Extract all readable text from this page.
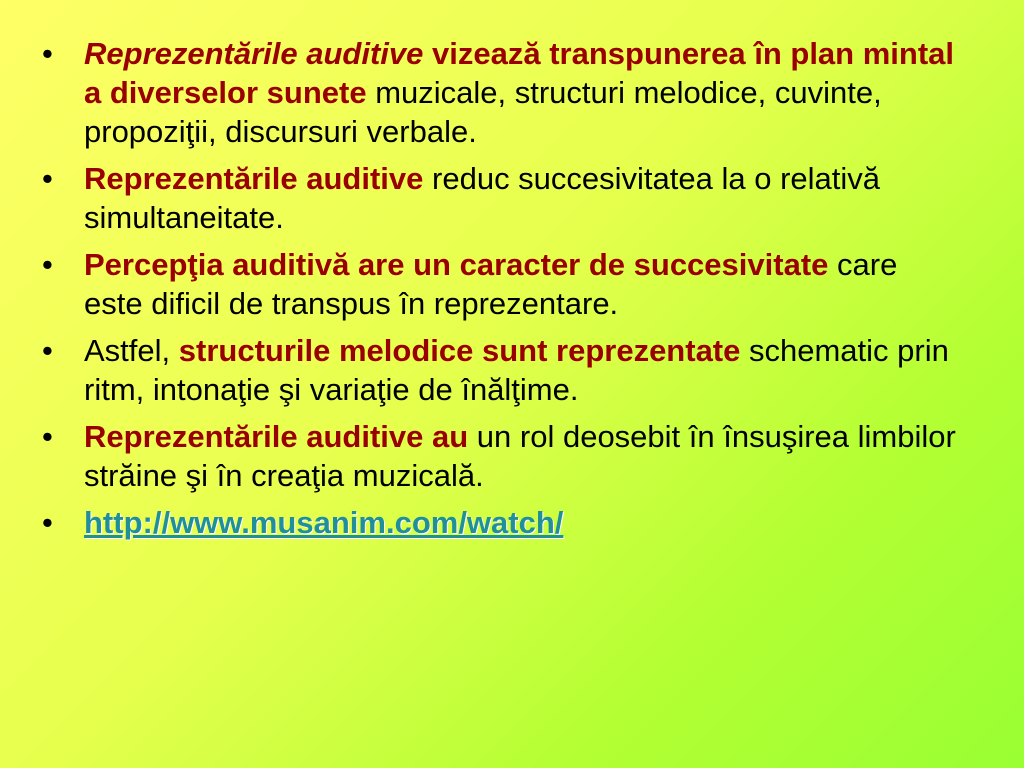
• Reprezentările auditive vizează transpunerea în plan mintal a diverselor sunete muzicale, structuri melodice, cuvinte, propoziţii, discursuri verbale.
• Reprezentările auditive reduc succesivitatea la o relativă simultaneitate.
• Percepţia auditivă are un caracter de succesivitate care este dificil de transpus în reprezentare.
• Astfel, structurile melodice sunt reprezentate schematic prin ritm, intonaţie şi variaţie de înălţime.
• Reprezentările auditive au un rol deosebit în însuşirea limbilor străine şi în creaţia muzicală.
• http://www.musanim.com/watch/
